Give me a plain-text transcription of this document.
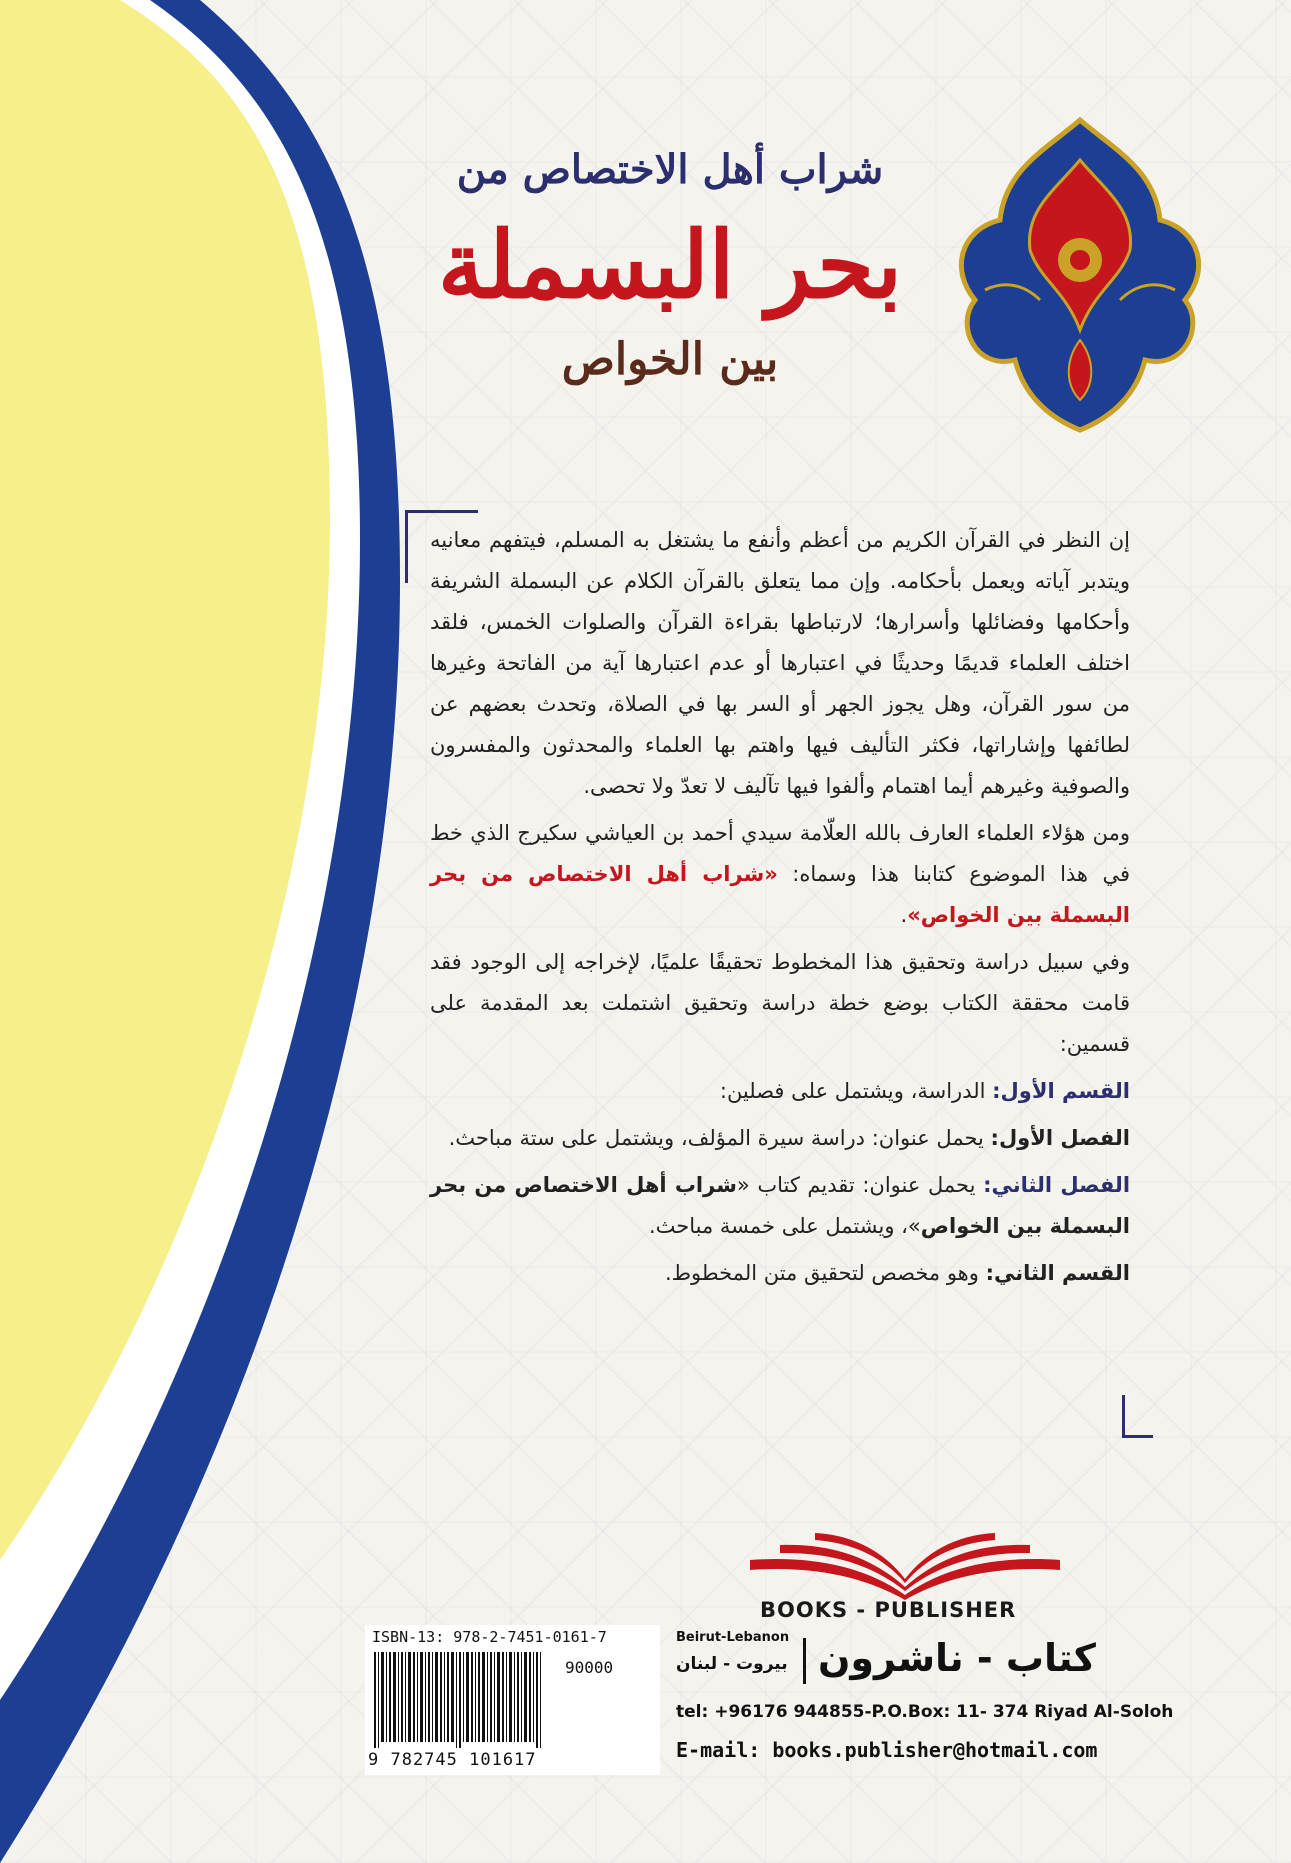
شراب أهل الاختصاص من
بحر البسملة
بين الخواص

إن النظر في القرآن الكريم من أعظم وأنفع ما يشتغل به المسلم، فيتفهم معانيه ويتدبر آياته ويعمل بأحكامه. وإن مما يتعلق بالقرآن الكلام عن البسملة الشريفة وأحكامها وفضائلها وأسرارها؛ لارتباطها بقراءة القرآن والصلوات الخمس، فلقد اختلف العلماء قديمًا وحديثًا في اعتبارها أو عدم اعتبارها آية من الفاتحة وغيرها من سور القرآن، وهل يجوز الجهر أو السر بها في الصلاة، وتحدث بعضهم عن لطائفها وإشاراتها، فكثر التأليف فيها واهتم بها العلماء والمحدثون والمفسرون والصوفية وغيرهم أيما اهتمام وألفوا فيها تآليف لا تعدّ ولا تحصى.

ومن هؤلاء العلماء العارف بالله العلّامة سيدي أحمد بن العياشي سكيرج الذي خط في هذا الموضوع كتابنا هذا وسماه: «شراب أهل الاختصاص من بحر البسملة بين الخواص».

وفي سبيل دراسة وتحقيق هذا المخطوط تحقيقًا علميًا، لإخراجه إلى الوجود فقد قامت محققة الكتاب بوضع خطة دراسة وتحقيق اشتملت بعد المقدمة على قسمين:

القسم الأول: الدراسة، ويشتمل على فصلين:

الفصل الأول: يحمل عنوان: دراسة سيرة المؤلف، ويشتمل على ستة مباحث.

الفصل الثاني: يحمل عنوان: تقديم كتاب «شراب أهل الاختصاص من بحر البسملة بين الخواص»، ويشتمل على خمسة مباحث.

القسم الثاني: وهو مخصص لتحقيق متن المخطوط.

BOOKS - PUBLISHER
كتاب - ناشرون
Beirut-Lebanon
بيروت - لبنان
tel: +96176 944855-P.O.Box: 11- 374 Riyad Al-Soloh
E-mail: books.publisher@hotmail.com
ISBN-13: 978-2-7451-0161-7
90000
9 782745 101617
